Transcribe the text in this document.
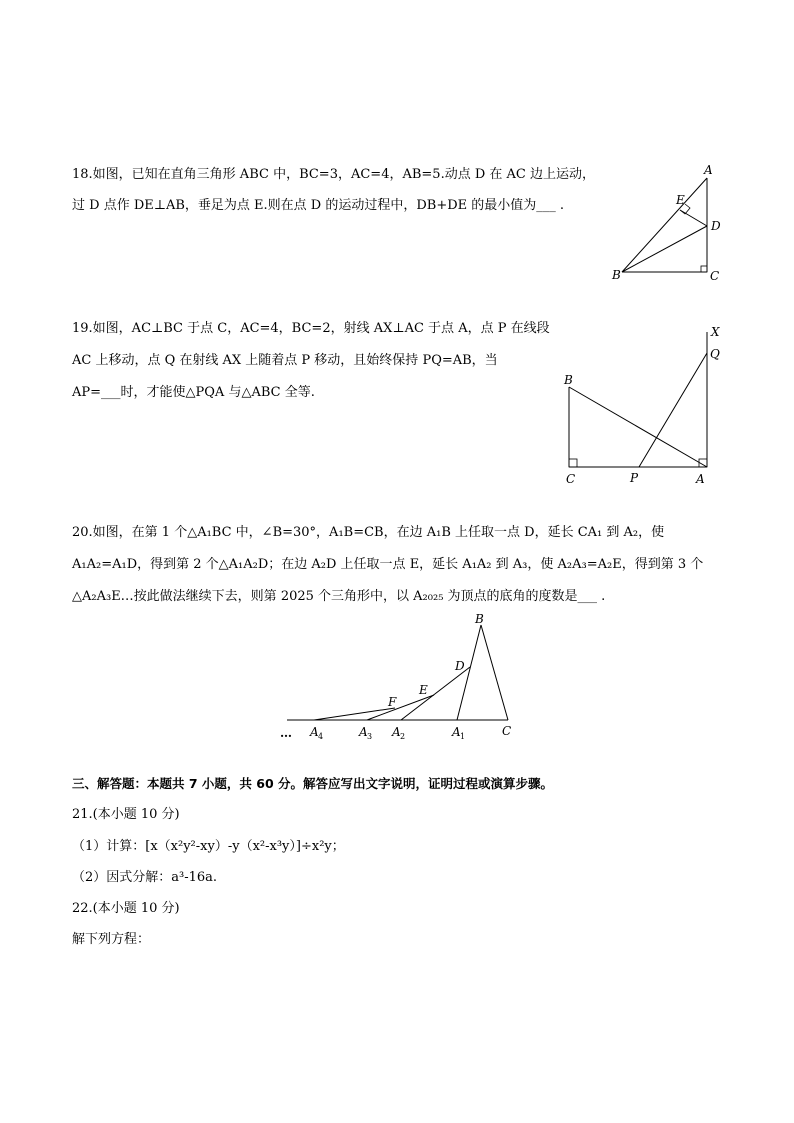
18.如图，已知在直角三角形 ABC 中，BC=3，AC=4，AB=5.动点 D 在 AC 边上运动，
过 D 点作 DE⊥AB，垂足为点 E.则在点 D 的运动过程中，DB+DE 的最小值为___ .
A
E
D
B	C
19.如图，AC⊥BC 于点 C，AC=4，BC=2，射线 AX⊥AC 于点 A，点 P 在线段
AC 上移动，点 Q 在射线 AX 上随着点 P 移动，且始终保持 PQ=AB，当
AP=___时，才能使△PQA 与△ABC 全等.
X
Q
B
C	P	A
20.如图，在第 1 个△A₁BC 中，∠B=30°，A₁B=CB，在边 A₁B 上任取一点 D，延长 CA₁ 到 A₂，使
A₁A₂=A₁D，得到第 2 个△A₁A₂D；在边 A₂D 上任取一点 E，延长 A₁A₂ 到 A₃，使 A₂A₃=A₂E，得到第 3 个
△A₂A₃E…按此做法继续下去，则第 2025 个三角形中，以 A₂₀₂₅ 为顶点的底角的度数是___ .
B
D
E
F
… A 4	A 3 A 2	A 1	C
三、解答题：本题共 7 小题，共 60 分。解答应写出文字说明，证明过程或演算步骤。
21.(本小题 10 分)
（1）计算：[x（x²y²-xy）-y（x²-x³y）]÷x²y；
（2）因式分解：a³-16a.
22.(本小题 10 分)
解下列方程：
